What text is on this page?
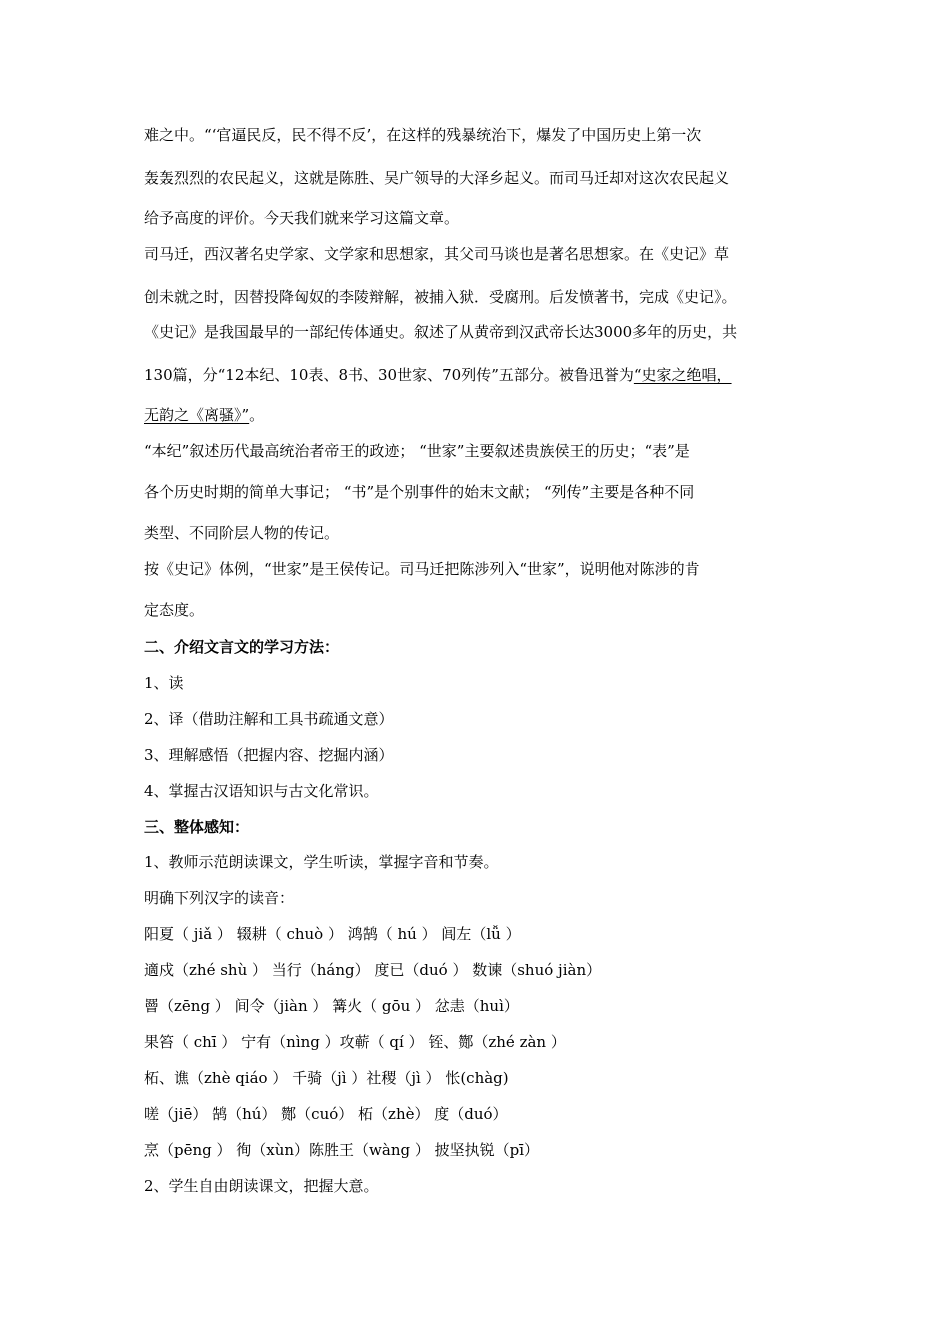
难之中。“‘官逼民反，民不得不反’，在这样的残暴统治下，爆发了中国历史上第一次
轰轰烈烈的农民起义，这就是陈胜、吴广领导的大泽乡起义。而司马迁却对这次农民起义
给予高度的评价。今天我们就来学习这篇文章。
司马迁，西汉著名史学家、文学家和思想家，其父司马谈也是著名思想家。在《史记》草
创未就之时，因替投降匈奴的李陵辩解，被捕入狱．受腐刑。后发愤著书，完成《史记》。
《史记》是我国最早的一部纪传体通史。叙述了从黄帝到汉武帝长达3000多年的历史，共
130篇，分“12本纪、10表、8书、30世家、70列传”五部分。被鲁迅誉为“史家之绝唱，
无韵之《离骚》”。
“本纪”叙述历代最高统治者帝王的政迹； “世家”主要叙述贵族侯王的历史；“表”是
各个历史时期的简单大事记； “书”是个别事件的始末文献； “列传”主要是各种不同
类型、不同阶层人物的传记。
按《史记》体例，“世家”是王侯传记。司马迁把陈涉列入“世家”，说明他对陈涉的肯
定态度。
二、介绍文言文的学习方法：
1、读
2、译（借助注解和工具书疏通文意）
3、理解感悟（把握内容、挖掘内涵）
4、掌握古汉语知识与古文化常识。
三、整体感知：
1、教师示范朗读课文，学生听读，掌握字音和节奏。
明确下列汉字的读音：
阳夏（ jiǎ ） 辍耕（ chuò ） 鸿鹄（ hú ） 闾左（lǚ ）
適戍（zhé shù ） 当行（háng） 度已（duó ） 数谏（shuó jiàn）
罾（zēng ） 间令（jiàn ） 篝火（ gōu ） 忿恚（huì）
果笞（ chī ） 宁有（nìng ）攻蕲（ qí ） 铚、酂（zhé zàn ）
柘、谯（zhè qiáo ） 千骑（jì ）社稷（jì ） 怅(chàg)
嗟（jiē） 鹄（hú） 酂（cuó） 柘（zhè） 度（duó）
烹（pēng ） 徇（xùn）陈胜王（wàng ） 披坚执锐（pī）
2、学生自由朗读课文，把握大意。
